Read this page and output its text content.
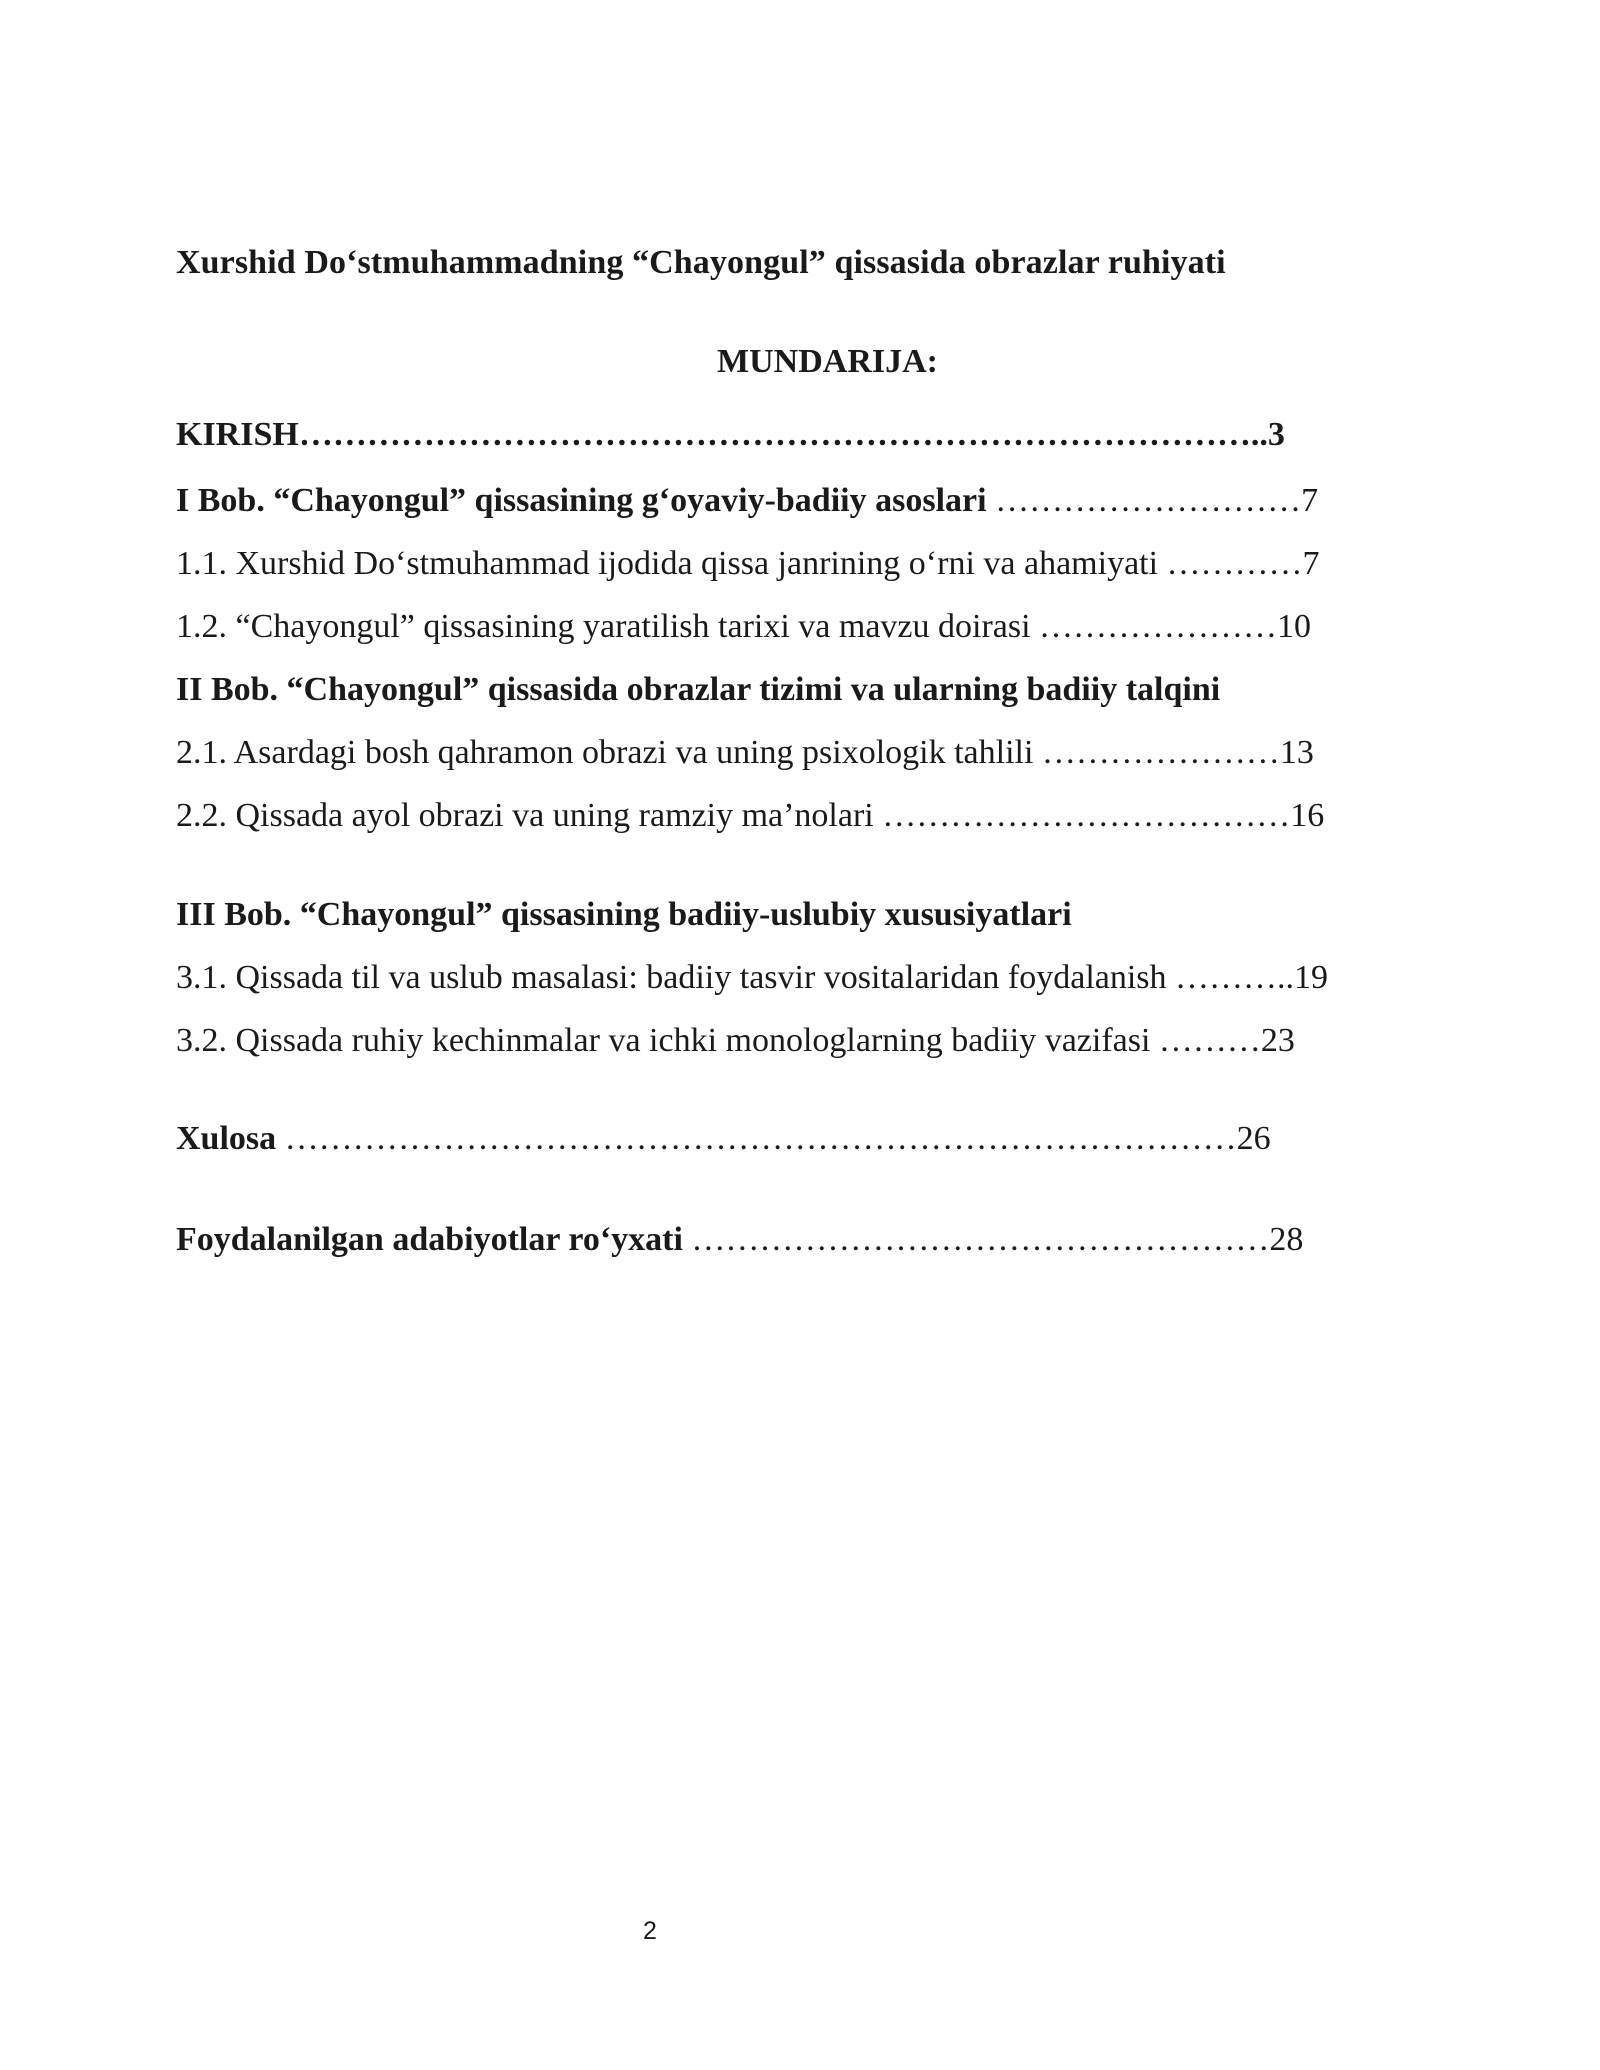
Xurshid Do‘stmuhammadning “Chayongul” qissasida obrazlar ruhiyati
MUNDARIJA:
KIRISH…………………………………………………………………………..3
I Bob. “Chayongul” qissasining g‘oyaviy-badiiy asoslari ………………………7
1.1. Xurshid Do‘stmuhammad ijodida qissa janrining o‘rni va ahamiyati …………7
1.2. “Chayongul” qissasining yaratilish tarixi va mavzu doirasi …………………10
II Bob. “Chayongul” qissasida obrazlar tizimi va ularning badiiy talqini
2.1. Asardagi bosh qahramon obrazi va uning psixologik tahlili …………………13
2.2. Qissada ayol obrazi va uning ramziy ma’nolari ………………………………16
III Bob. “Chayongul” qissasining badiiy-uslubiy xususiyatlari
3.1. Qissada til va uslub masalasi: badiiy tasvir vositalaridan foydalanish ………..19
3.2. Qissada ruhiy kechinmalar va ichki monologlarning badiiy vazifasi ………23
Xulosa …………………………………………………………………………26
Foydalanilgan adabiyotlar ro‘yxati ……………………………………………28
2
